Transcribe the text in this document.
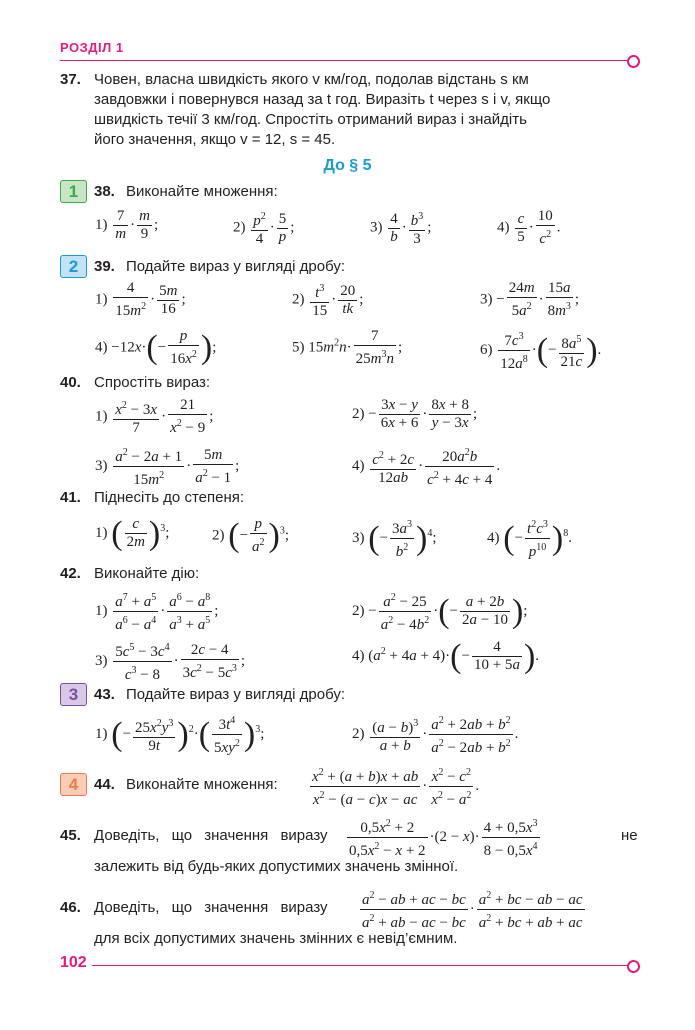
РОЗДІЛ 1
37. Човен, власна швидкість якого v км/год, подолав відстань s км

завдовжки і повернувся назад за t год. Виразіть t через s і v, якщо

швидкість течії 3 км/год. Спростіть отриманий вираз і знайдіть

його значення, якщо v = 12, s = 45.

До § 5
1	38. Виконайте множення:
$1) \frac{7}{m} \cdot \frac{m}{9}$ ;	$2) \frac{p^2}{4} \cdot \frac{5}{p}$ ;	$3) \frac{4}{b} \cdot \frac{b^3}{3}$ ;	$4) \frac{c}{5} \cdot \frac{10}{c^2}$ .
2	39. Подайте вираз у вигляді дробу:
$1) \frac{4}{15m^2} \cdot \frac{5m}{16}$ ;	$2) \frac{t^3}{15} \cdot \frac{20}{tk}$ ;	$3) - \frac{24m}{5a^2} \cdot \frac{15a}{8m^3}$ ;
$4) -12x\cdot(- \frac{p}{16x^2}$ );	5) $15m^2n\cdot \frac{7}{25m^3n}$ ;	$6) \frac{7c^3}{12a^8}$ ·(− $\frac{8a^5}{21c}$ ).
40. Спростіть вираз:
$1) \frac{x^2 - 3x}{7} \cdot \frac{21}{x^2 - 9}$ ;	$2) - \frac{3x - y}{6x + 6} \cdot \frac{8x + 8}{y - 3x}$ ;
$3) \frac{a^2 - 2a + 1}{15m^2} \cdot \frac{5m}{a^2 - 1}$ ;	$4) \frac{c^2 + 2c}{12ab} \cdot \frac{20a^2b}{c^2 + 4c + 4}$ .
41. Піднесіть до степеня:
1) ( $\frac{c}{2m} )^3$;	2) (− $\frac{p}{a^2} )^3$;	3) (− $\frac{3a^3}{b^2} )^4$;	4) (− $\frac{t^2c^3}{p^{10}} )^8$.
42. Виконайте дію:
$1) \frac{a^7 + a^5}{a^6 - a^4} \cdot \frac{a^6 - a^8}{a^3 + a^5}$ ;	$2) - \frac{a^2 - 25}{a^2 - 4b^2}$ ·(− $\frac{a + 2b}{2a - 10}$ );
$3) \frac{5c^5 - 3c^4}{c^3 - 8} \cdot \frac{2c - 4}{3c^2 - 5c^3}$ ;	4) $(a^2 + 4a + 4)\cdot(- \frac{4}{10 + 5a}$ ).
3	43. Подайте вираз у вигляді дробу:
1) (− $\frac{25x^2y^3}{9t} )^2\cdot( \frac{3t^4}{5xy^2} )^3$;	$2) \frac{(a - b)^3}{a + b} \cdot \frac{a^2 + 2ab + b^2}{a^2 - 2ab + b^2}$ .
4	44. Виконайте множення: $\frac{x^2 + (a + b)x + ab}{x^2 - (a - c)x - ac} \cdot \frac{x^2 - c^2}{x^2 - a^2}$ .
45. Доведіть, що значення виразу $\frac{0,5x^2 + 2}{0,5x^2 - x + 2} \cdot(2 - x)\cdot \frac{4 + 0,5x^3}{8 - 0,5x^4}$	не
залежить від будь-яких допустимих значень змінної.
46. Доведіть, що значення виразу $\frac{a^2 - ab + ac - bc}{a^2 + ab - ac - bc} \cdot \frac{a^2 + bc - ab - ac}{a^2 + bc + ab + ac}$
для всіх допустимих значень змінних є невід’ємним.
102
